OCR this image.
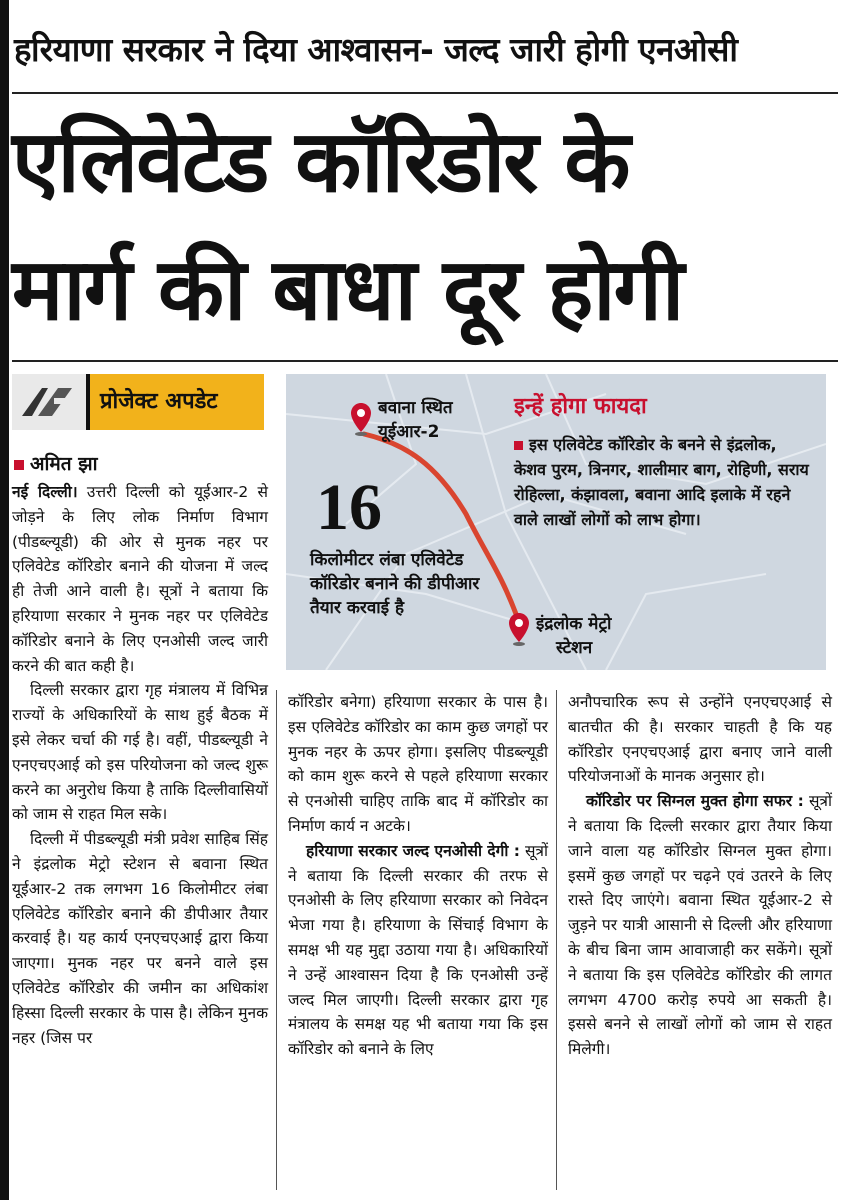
हरियाणा सरकार ने दिया आश्वासन- जल्द जारी होगी एनओसी
एलिवेटेड कॉरिडोर के
मार्ग की बाधा दूर होगी
प्रोजेक्ट अपडेट
अमित झा
बवाना स्थित
यूईआर-2
16
किलोमीटर लंबा एलिवेटेड कॉरिडोर बनाने की डीपीआर तैयार करवाई है
इंद्रलोक मेट्रो
स्टेशन
इन्हें होगा फायदा
इस एलिवेटेड कॉरिडोर के बनने से इंद्रलोक, केशव पुरम, त्रिनगर, शालीमार बाग, रोहिणी, सराय रोहिल्ला, कंझावला, बवाना आदि इलाके में रहने वाले लाखों लोगों को लाभ होगा।

नई दिल्ली। उत्तरी दिल्ली को यूईआर-2 से जोड़ने के लिए लोक निर्माण विभाग (पीडब्ल्यूडी) की ओर से मुनक नहर पर एलिवेटेड कॉरिडोर बनाने की योजना में जल्द ही तेजी आने वाली है। सूत्रों ने बताया कि हरियाणा सरकार ने मुनक नहर पर एलिवेटेड कॉरिडोर बनाने के लिए एनओसी जल्द जारी करने की बात कही है।

दिल्ली सरकार द्वारा गृह मंत्रालय में विभिन्न राज्यों के अधिकारियों के साथ हुई बैठक में इसे लेकर चर्चा की गई है। वहीं, पीडब्ल्यूडी ने एनएचएआई को इस परियोजना को जल्द शुरू करने का अनुरोध किया है ताकि दिल्लीवासियों को जाम से राहत मिल सके।

दिल्ली में पीडब्ल्यूडी मंत्री प्रवेश साहिब सिंह ने इंद्रलोक मेट्रो स्टेशन से बवाना स्थित यूईआर-2 तक लगभग 16 किलोमीटर लंबा एलिवेटेड कॉरिडोर बनाने की डीपीआर तैयार करवाई है। यह कार्य एनएचएआई द्वारा किया जाएगा। मुनक नहर पर बनने वाले इस एलिवेटेड कॉरिडोर की जमीन का अधिकांश हिस्सा दिल्ली सरकार के पास है। लेकिन मुनक नहर (जिस पर

कॉरिडोर बनेगा) हरियाणा सरकार के पास है। इस एलिवेटेड कॉरिडोर का काम कुछ जगहों पर मुनक नहर के ऊपर होगा। इसलिए पीडब्ल्यूडी को काम शुरू करने से पहले हरियाणा सरकार से एनओसी चाहिए ताकि बाद में कॉरिडोर का निर्माण कार्य न अटके।

हरियाणा सरकार जल्द एनओसी देगी : सूत्रों ने बताया कि दिल्ली सरकार की तरफ से एनओसी के लिए हरियाणा सरकार को निवेदन भेजा गया है। हरियाणा के सिंचाई विभाग के समक्ष भी यह मुद्दा उठाया गया है। अधिकारियों ने उन्हें आश्वासन दिया है कि एनओसी उन्हें जल्द मिल जाएगी। दिल्ली सरकार द्वारा गृह मंत्रालय के समक्ष यह भी बताया गया कि इस कॉरिडोर को बनाने के लिए

अनौपचारिक रूप से उन्होंने एनएचएआई से बातचीत की है। सरकार चाहती है कि यह कॉरिडोर एनएचएआई द्वारा बनाए जाने वाली परियोजनाओं के मानक अनुसार हो।

कॉरिडोर पर सिग्नल मुक्त होगा सफर : सूत्रों ने बताया कि दिल्ली सरकार द्वारा तैयार किया जाने वाला यह कॉरिडोर सिग्नल मुक्त होगा। इसमें कुछ जगहों पर चढ़ने एवं उतरने के लिए रास्ते दिए जाएंगे। बवाना स्थित यूईआर-2 से जुड़ने पर यात्री आसानी से दिल्ली और हरियाणा के बीच बिना जाम आवाजाही कर सकेंगे। सूत्रों ने बताया कि इस एलिवेटेड कॉरिडोर की लागत लगभग 4700 करोड़ रुपये आ सकती है। इससे बनने से लाखों लोगों को जाम से राहत मिलेगी।
